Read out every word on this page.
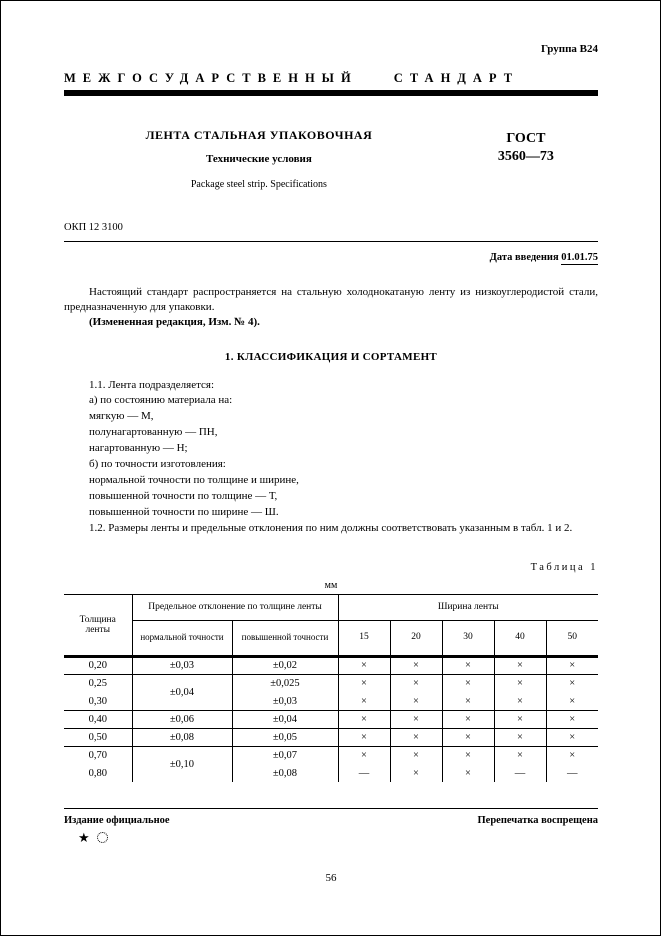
Группа В24
МЕЖГОСУДАРСТВЕННЫЙ СТАНДАРТ
ЛЕНТА СТАЛЬНАЯ УПАКОВОЧНАЯ
Технические условия
Package steel strip. Specifications
ГОСТ
3560—73
ОКП 12 3100
Дата введения 01.01.75
Настоящий стандарт распространяется на стальную холоднокатаную ленту из низкоуглеродистой стали, предназначенную для упаковки.
(Измененная редакция, Изм. № 4).
1. КЛАССИФИКАЦИЯ И СОРТАМЕНТ
1.1. Лента подразделяется:
а) по состоянию материала на:
мягкую — М,
полунагартованную — ПН,
нагартованную — Н;
б) по точности изготовления:
нормальной точности по толщине и ширине,
повышенной точности по толщине — Т,
повышенной точности по ширине — Ш.
1.2. Размеры ленты и предельные отклонения по ним должны соответствовать указанным в табл. 1 и 2.
Таблица 1
мм
Толщина ленты	Предельное отклонение по толщине ленты		Ширина ленты				
	нормальной точности	повышенной точности	15	20	30	40	50
0,20	±0,03	±0,02	×	×	×	×	×
0,25	±0,04	±0,025	×	×	×	×	×
0,30		±0,03	×	×	×	×	×
0,40	±0,06	±0,04	×	×	×	×	×
0,50	±0,08	±0,05	×	×	×	×	×
0,70	±0,10	±0,07	×	×	×	×	×
0,80		±0,08	—	×	×	—	—
Издание официальное	Перепечатка воспрещена
★
56
